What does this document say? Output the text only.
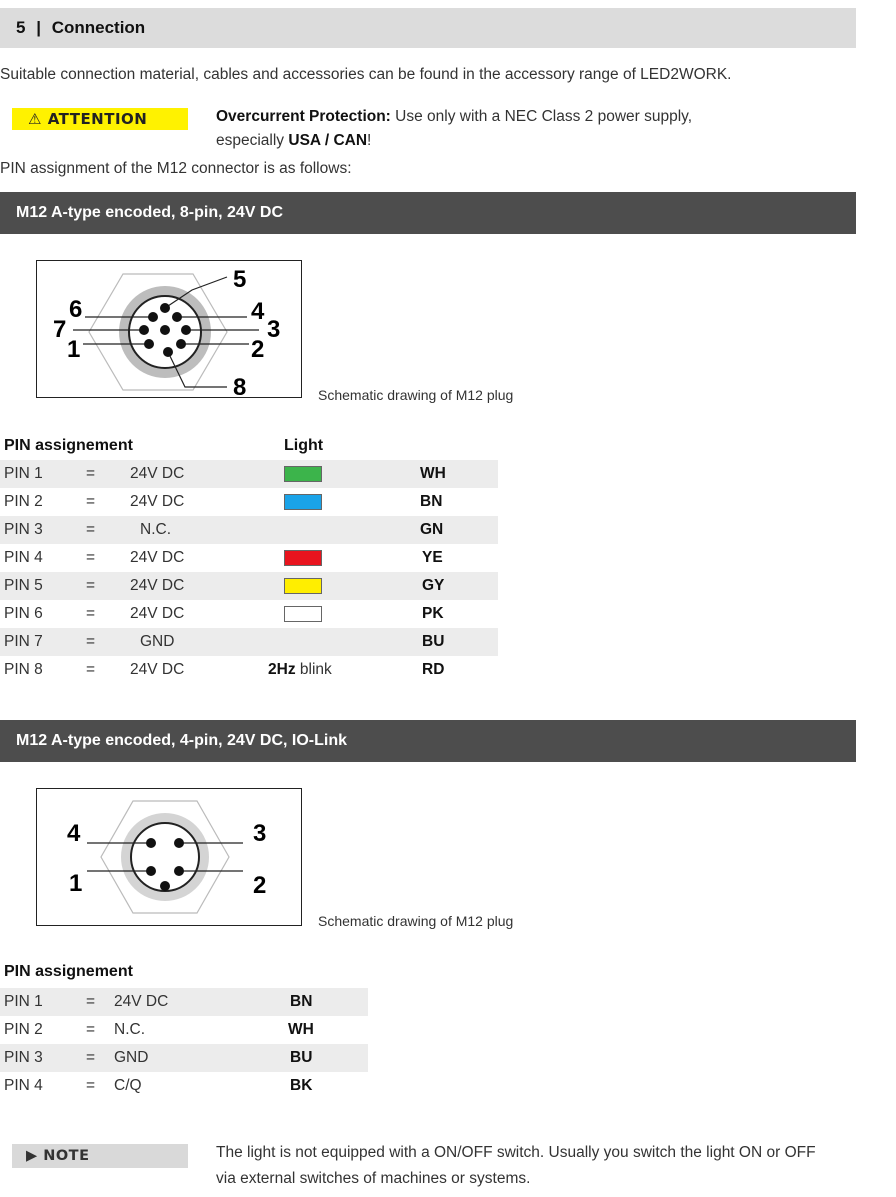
5 | Connection
Suitable connection material, cables and accessories can be found in the accessory range of LED2WORK.
⚠ ATTENTION	Overcurrent Protection: Use only with a NEC Class 2 power supply,
especially USA / CAN!
PIN assignment of the M12 connector is as follows:
M12 A-type encoded, 8-pin, 24V DC
5
6	4
7	3
1	2
8	Schematic drawing of M12 plug
PIN assignement	Light
PIN 1	= 24V DC	WH
PIN 2	= 24V DC	BN
PIN 3	=	N.C.	GN
PIN 4	= 24V DC	YE
PIN 5	= 24V DC	GY
PIN 6	= 24V DC	PK
PIN 7	=	GND	BU
PIN 8	= 24V DC	2Hz blink	RD
M12 A-type encoded, 4-pin, 24V DC, IO-Link
4	3
1	2
Schematic drawing of M12 plug
PIN assignement
PIN 1	= 24V DC	BN
PIN 2	= N.C.	WH
PIN 3	= GND	BU
PIN 4	= C/Q	BK
▶ NOTE	The light is not equipped with a ON/OFF switch. Usually you switch the light ON or OFF
via external switches of machines or systems.
